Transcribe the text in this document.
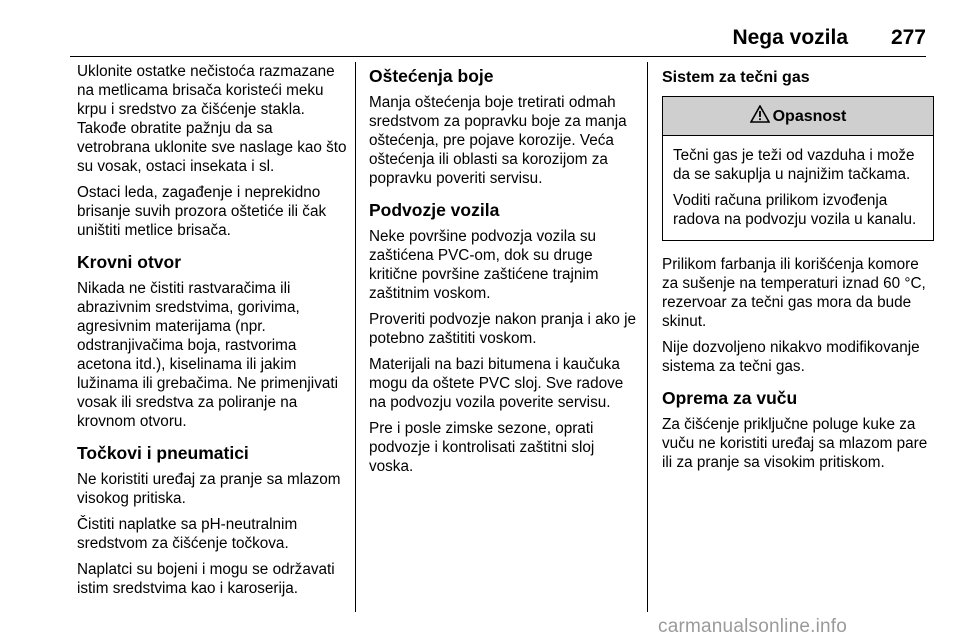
Nega vozila 277

Uklonite ostatke nečistoća razmazane na metlicama brisača koristeći meku krpu i sredstvo za čišćenje stakla. Takođe obratite pažnju da sa vetrobrana uklonite sve naslage kao što su vosak, ostaci insekata i sl.

Ostaci leda, zagađenje i neprekidno brisanje suvih prozora oštetiće ili čak uništiti metlice brisača.

Krovni otvor

Nikada ne čistiti rastvaračima ili abrazivnim sredstvima, gorivima, agresivnim materijama (npr. odstranjivačima boja, rastvorima acetona itd.), kiselinama ili jakim lužinama ili grebačima. Ne primenjivati vosak ili sredstva za poliranje na krovnom otvoru.

Točkovi i pneumatici

Ne koristiti uređaj za pranje sa mlazom visokog pritiska.

Čistiti naplatke sa pH-neutralnim sredstvom za čišćenje točkova.

Naplatci su bojeni i mogu se održavati istim sredstvima kao i karoserija.

Oštećenja boje

Manja oštećenja boje tretirati odmah sredstvom za popravku boje za manja oštećenja, pre pojave korozije. Veća oštećenja ili oblasti sa korozijom za popravku poveriti servisu.

Podvozje vozila

Neke površine podvozja vozila su zaštićena PVC-om, dok su druge kritične površine zaštićene trajnim zaštitnim voskom.

Proveriti podvozje nakon pranja i ako je potebno zaštititi voskom.

Materijali na bazi bitumena i kaučuka mogu da oštete PVC sloj. Sve radove na podvozju vozila poverite servisu.

Pre i posle zimske sezone, oprati podvozje i kontrolisati zaštitni sloj voska.

Sistem za tečni gas
Opasnost

Tečni gas je teži od vazduha i može da se sakuplja u najnižim tačkama.

Voditi računa prilikom izvođenja radova na podvozju vozila u kanalu.

Prilikom farbanja ili korišćenja komore za sušenje na temperaturi iznad 60 °C, rezervoar za tečni gas mora da bude skinut.

Nije dozvoljeno nikakvo modifikovanje sistema za tečni gas.

Oprema za vuču

Za čišćenje priključne poluge kuke za vuču ne koristiti uređaj sa mlazom pare ili za pranje sa visokim pritiskom.

carmanualsonline.info
